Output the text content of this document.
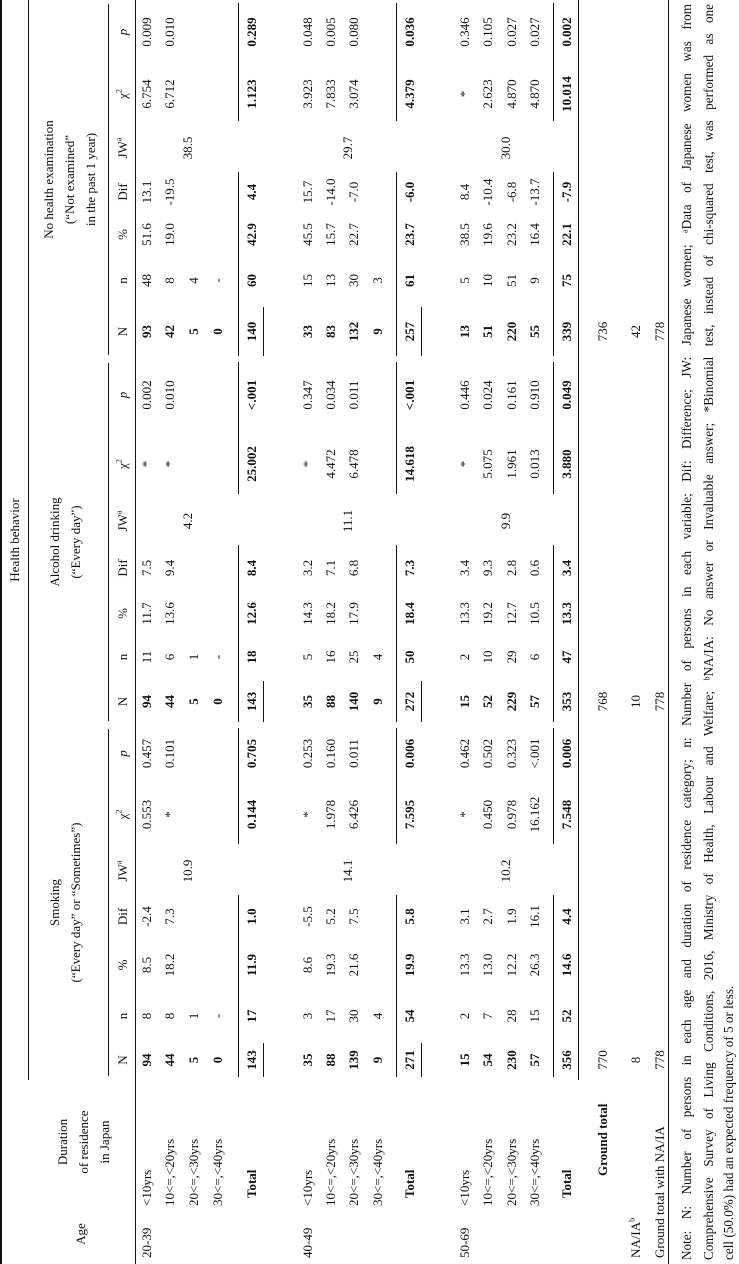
Age
Duration of residence in Japan
Health behavior
Smoking (“Every day” or “Sometimes”)
N
n
%
Dif
$JW^a$
$\chi^2$
p
Alcohol drinking (“Every day”)
N
n
%
Dif
$JW^a$
$\chi^2$
p
No health examination (“Not examined” in the past 1 year)
N
n
%
Dif
$JW^a$
$\chi^2$
p
20-39
<10yrs
94
8
8.5
-2.4
0.553
0.457
94
11
11.7
7.5
*
0.002
93
48
51.6
13.1
6.754
0.009
10<=,<20yrs
44
8
18.2
7.3
*
0.101
44
6
13.6
9.4
*
0.010
42
8
19.0
-19.5
6.712
0.010
20<=,<30yrs
5
1
10.9
5
1
4.2
5
4
38.5
30<=,<40yrs
0
-
0
-
0
-
Total
143
17
11.9
1.0
0.144
0.705
143
18
12.6
8.4
25.002
<.001
140
60
42.9
4.4
1.123
0.289
40-49
<10yrs
35
3
8.6
-5.5
*
0.253
35
5
14.3
3.2
*
0.347
33
15
45.5
15.7
3.923
0.048
10<=,<20yrs
88
17
19.3
5.2
1.978
0.160
88
16
18.2
7.1
4.472
0.034
83
13
15.7
-14.0
7.833
0.005
20<=,<30yrs
139
30
21.6
7.5
14.1
6.426
0.011
140
25
17.9
6.8
11.1
6.478
0.011
132
30
22.7
-7.0
29.7
3.074
0.080
30<=,<40yrs
9
4
9
4
9
3
Total
271
54
19.9
5.8
7.595
0.006
272
50
18.4
7.3
14.618
<.001
257
61
23.7
-6.0
4.379
0.036
50-69
<10yrs
15
2
13.3
3.1
*
0.462
15
2
13.3
3.4
*
0.446
13
5
38.5
8.4
*
0.346
10<=,<20yrs
54
7
13.0
2.7
0.450
0.502
52
10
19.2
9.3
5.075
0.024
51
10
19.6
-10.4
2.623
0.105
20<=,<30yrs
230
28
12.2
1.9
10.2
0.978
0.323
229
29
12.7
2.8
9.9
1.961
0.161
220
51
23.2
-6.8
30.0
4.870
0.027
30<=,<40yrs
57
15
26.3
16.1
16.162
<.001
57
6
10.5
0.6
0.013
0.910
55
9
16.4
-13.7
4.870
0.027
Total
356
52
14.6
4.4
7.548
0.006
353
47
13.3
3.4
3.880
0.049
339
75
22.1
-7.9
10.014
0.002
Ground total
770
768
736
$NA/IA^b$
8
10
42
Ground total with NA/IA
778
778
778 Note: N: Number of persons in each age and duration of residence category; n: Number of persons in each variable; Dif: Difference; JW: Japanese women; ᵃData of Japanese women was from Comprehensive Survey of Living Conditions, 2016, Ministry of Health, Labour and Welfare; ᵇNA/IA: No answer or Invaluable answer; *Binomial test, instead of chi-squared test, was performed as one cell (50.0%) had an expected frequency of 5 or less.
